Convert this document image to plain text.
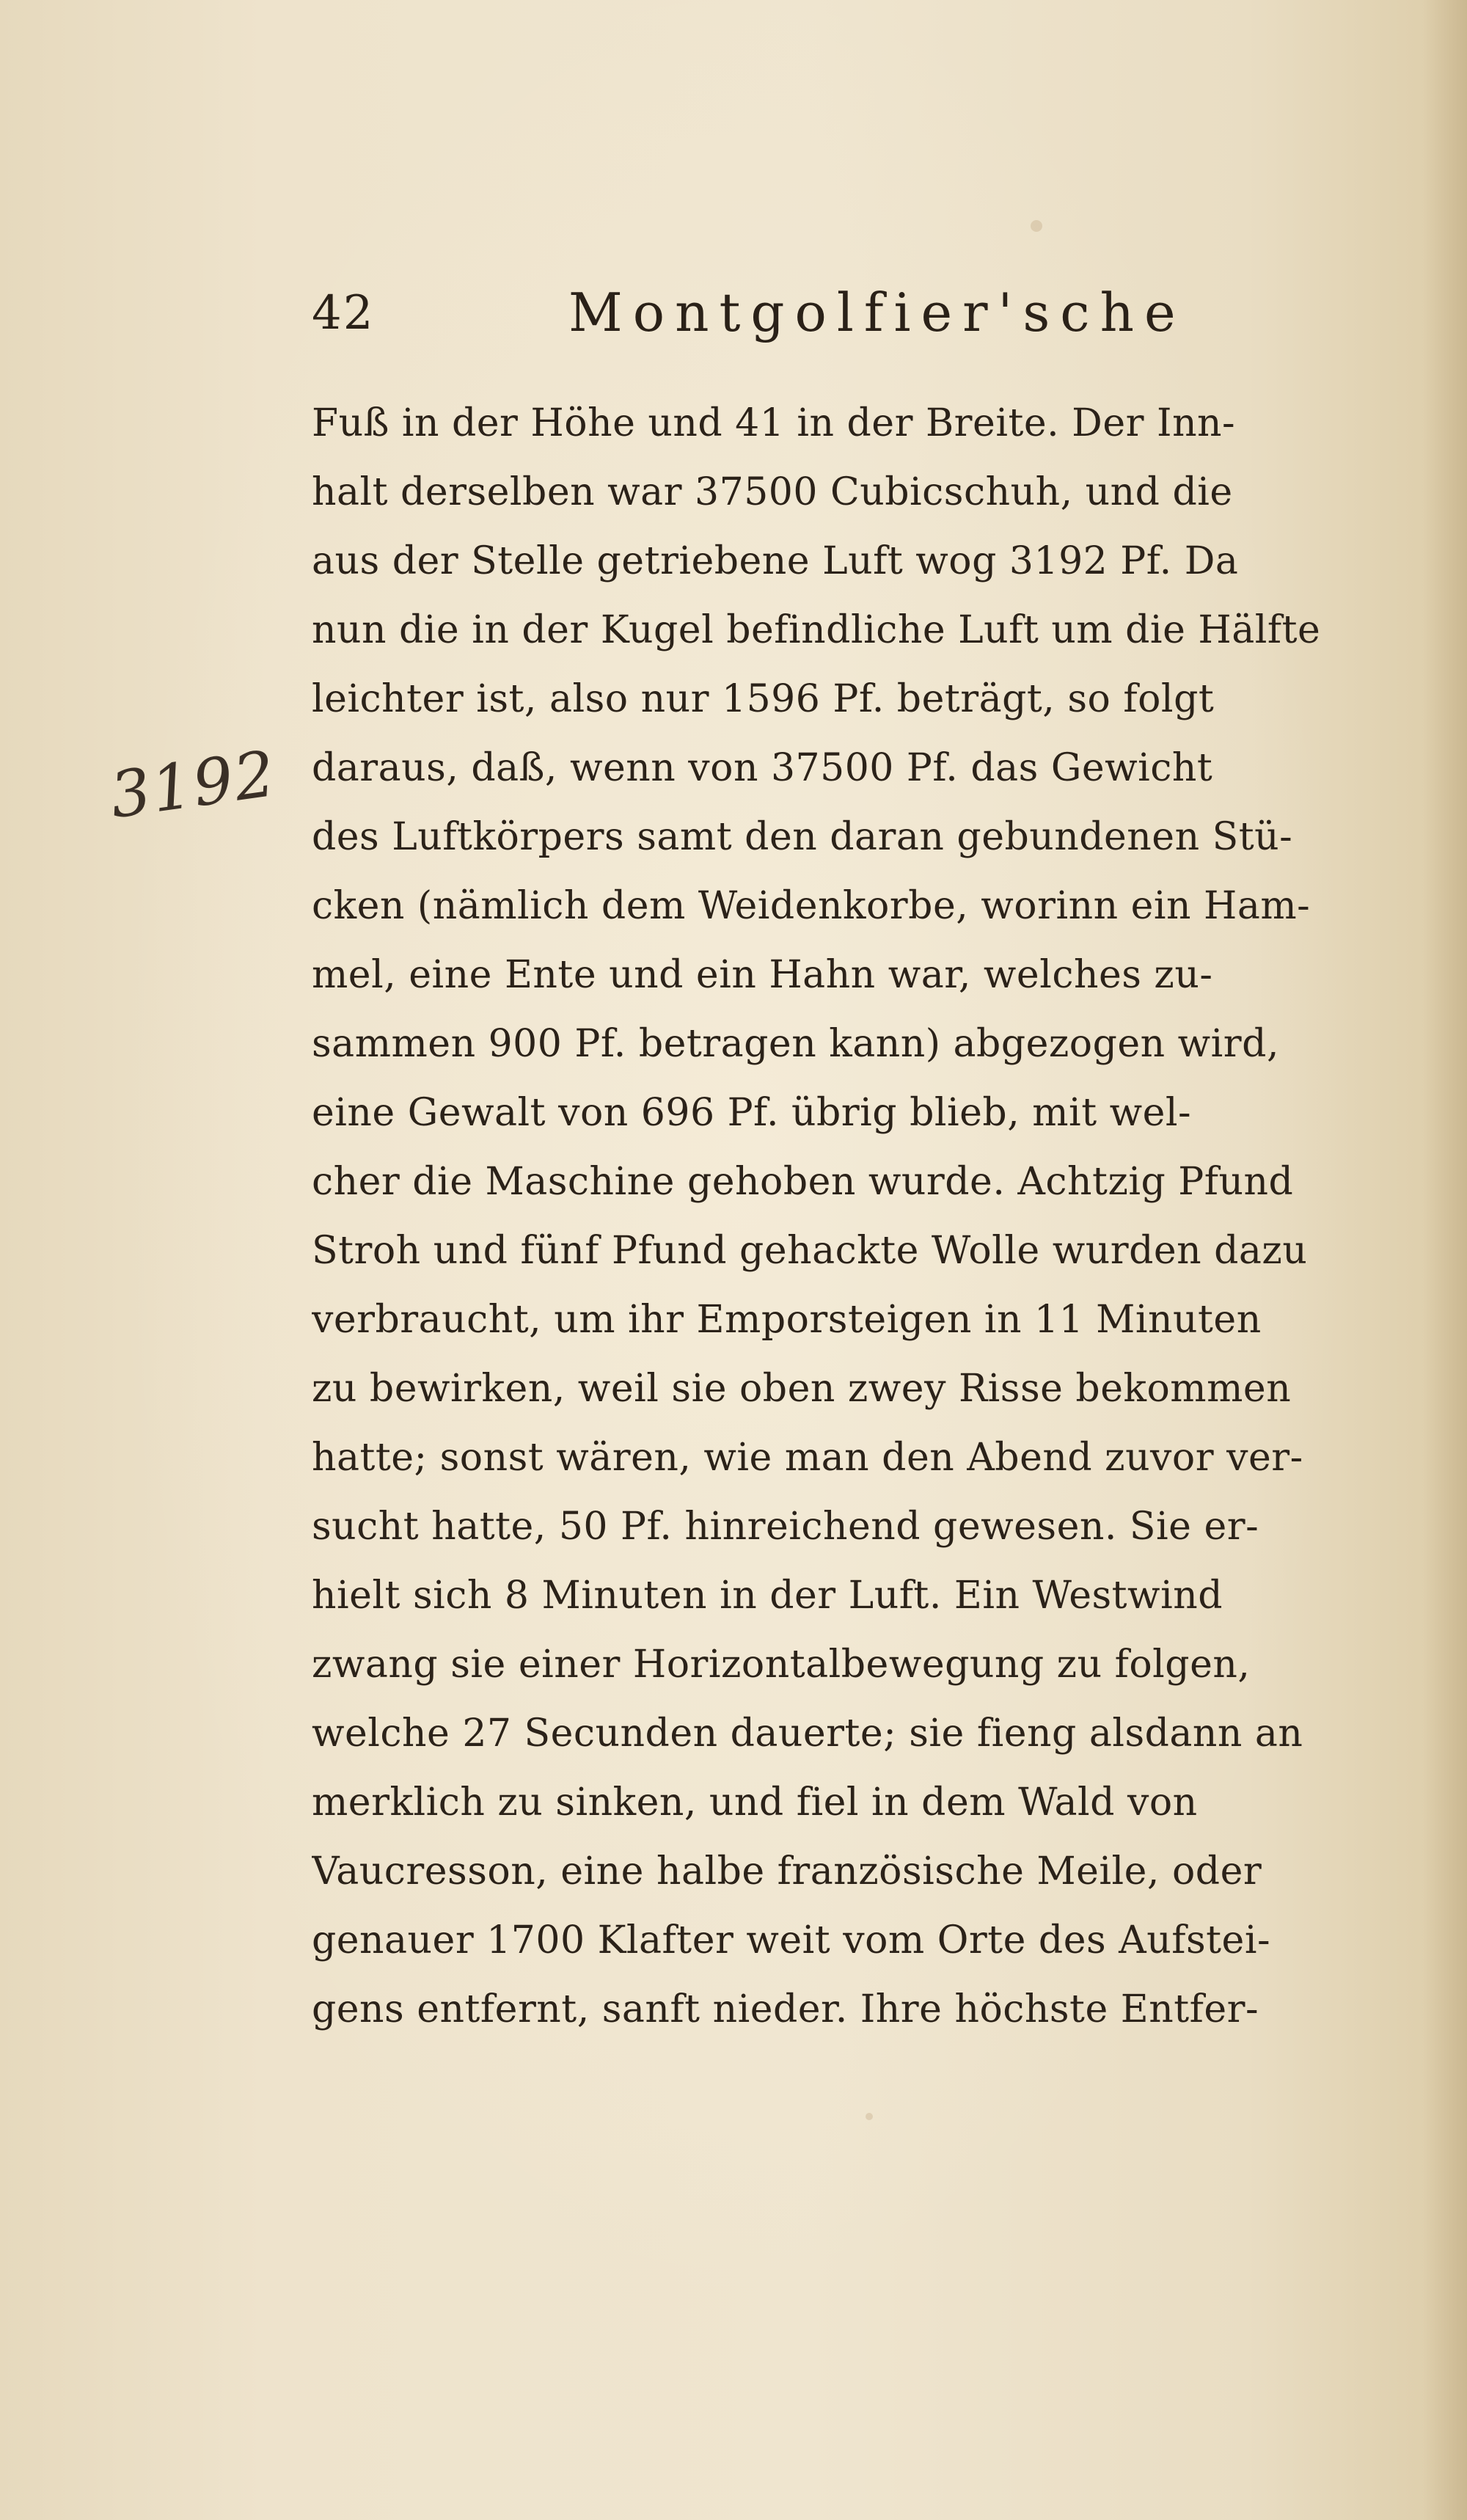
42	Montgolfier'sche
3192
Fuß in der Höhe und 41 in der Breite. Der Inn-
halt derselben war 37500 Cubicschuh, und die
aus der Stelle getriebene Luft wog 3192 Pf. Da
nun die in der Kugel befindliche Luft um die Hälfte
leichter ist, also nur 1596 Pf. beträgt, so folgt
daraus, daß, wenn von 37500 Pf. das Gewicht
des Luftkörpers samt den daran gebundenen Stü-
cken (nämlich dem Weidenkorbe, worinn ein Ham-
mel, eine Ente und ein Hahn war, welches zu-
sammen 900 Pf. betragen kann) abgezogen wird,
eine Gewalt von 696 Pf. übrig blieb, mit wel-
cher die Maschine gehoben wurde. Achtzig Pfund
Stroh und fünf Pfund gehackte Wolle wurden dazu
verbraucht, um ihr Emporsteigen in 11 Minuten
zu bewirken, weil sie oben zwey Risse bekommen
hatte; sonst wären, wie man den Abend zuvor ver-
sucht hatte, 50 Pf. hinreichend gewesen. Sie er-
hielt sich 8 Minuten in der Luft. Ein Westwind
zwang sie einer Horizontalbewegung zu folgen,
welche 27 Secunden dauerte; sie fieng alsdann an
merklich zu sinken, und fiel in dem Wald von
Vaucresson, eine halbe französische Meile, oder
genauer 1700 Klafter weit vom Orte des Aufstei-
gens entfernt, sanft nieder. Ihre höchste Entfer-
